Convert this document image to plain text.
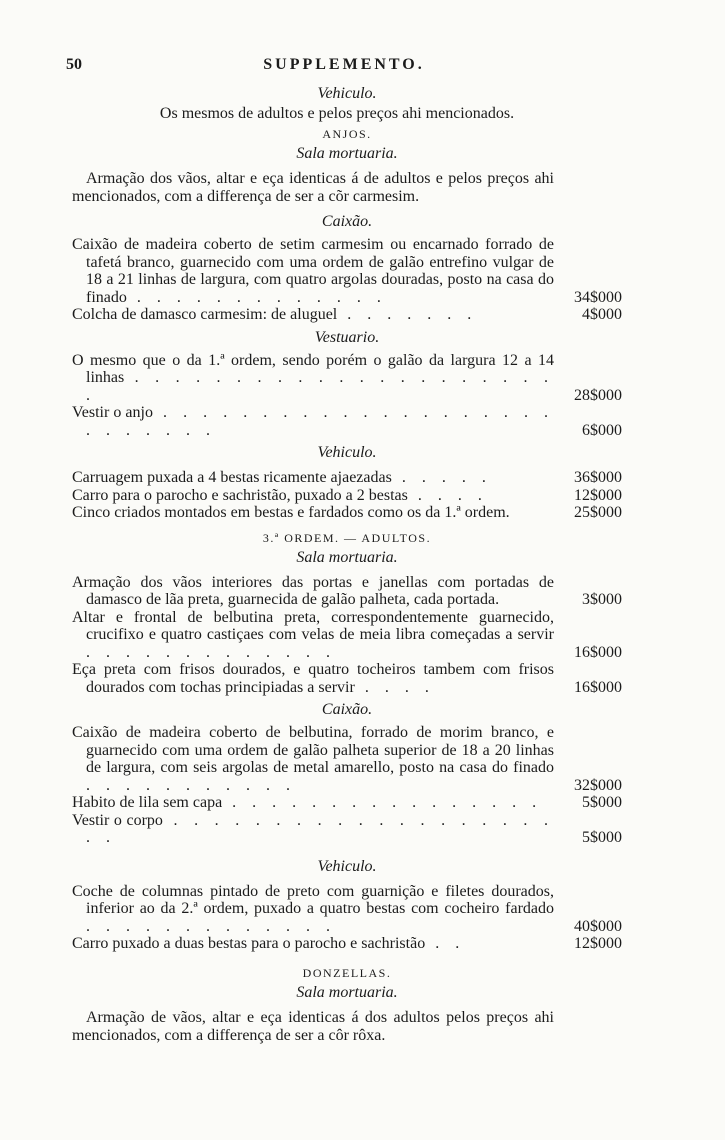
50	SUPPLEMENTO.
Vehiculo.
Os mesmos de adultos e pelos preços ahi mencionados.
ANJOS.
Sala mortuaria.
Armação dos vãos, altar e eça identicas á de adultos e pelos preços ahi mencionados, com a differença de ser a cõr carmesim.
Caixão.
Caixão de madeira coberto de setim carmesim ou encarnado forrado de tafetá branco, guarnecido com uma ordem de galão entrefino vulgar de 18 a 21 linhas de largura, com quatro argolas douradas, posto na casa do finado . . . . . . . . . . . . .	34$000
Colcha de damasco carmesim: de aluguel . . . . . . .	4$000
Vestuario.
O mesmo que o da 1.ª ordem, sendo porém o galão da largura 12 a 14 linhas . . . . . . . . . . . . . . . . . . . . . .	28$000
Vestir o anjo . . . . . . . . . . . . . . . . . . . . . . . . . . .	6$000
Vehiculo.
Carruagem puxada a 4 bestas ricamente ajaezadas . . . . .	36$000
Carro para o parocho e sachristão, puxado a 2 bestas . . . .	12$000
Cinco criados montados em bestas e fardados como os da 1.ª ordem.	25$000
3.ª ORDEM. — ADULTOS.
Sala mortuaria.
Armação dos vãos interiores das portas e janellas com portadas de damasco de lãa preta, guarnecida de galão palheta, cada portada.	3$000
Altar e frontal de belbutina preta, correspondentemente guarnecido, crucifixo e quatro castiçaes com velas de meia libra começadas a servir . . . . . . . . . . . . .	16$000
Eça preta com frisos dourados, e quatro tocheiros tambem com frisos dourados com tochas principiadas a servir . . . .	16$000
Caixão.
Caixão de madeira coberto de belbutina, forrado de morim branco, e guarnecido com uma ordem de galão palheta superior de 18 a 20 linhas de largura, com seis argolas de metal amarello, posto na casa do finado . . . . . . . . . . .	32$000
Habito de lila sem capa . . . . . . . . . . . . . . . .	5$000
Vestir o corpo . . . . . . . . . . . . . . . . . . . . .	5$000
Vehiculo.
Coche de columnas pintado de preto com guarnição e filetes dourados, inferior ao da 2.ª ordem, puxado a quatro bestas com cocheiro fardado . . . . . . . . . . . . .	40$000
Carro puxado a duas bestas para o parocho e sachristão . .	12$000
DONZELLAS.
Sala mortuaria.
Armação de vãos, altar e eça identicas á dos adultos pelos preços ahi mencionados, com a differença de ser a côr rôxa.
